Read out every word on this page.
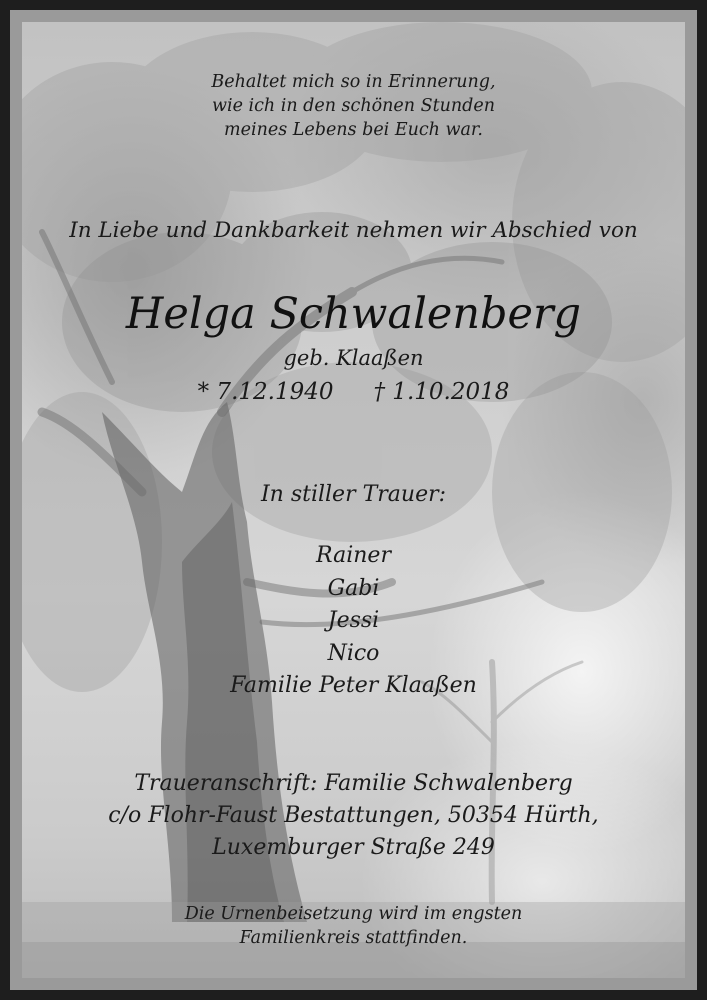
Behaltet mich so in Erinnerung,
wie ich in den schönen Stunden
meines Lebens bei Euch war.
In Liebe und Dankbarkeit nehmen wir Abschied von
Helga Schwalenberg
geb. Klaaßen
* 7.12.1940 † 1.10.2018
In stiller Trauer:
Rainer
Gabi
Jessi
Nico
Familie Peter Klaaßen
Traueranschrift: Familie Schwalenberg
c/o Flohr-Faust Bestattungen, 50354 Hürth,
Luxemburger Straße 249
Die Urnenbeisetzung wird im engsten
Familienkreis stattfinden.
